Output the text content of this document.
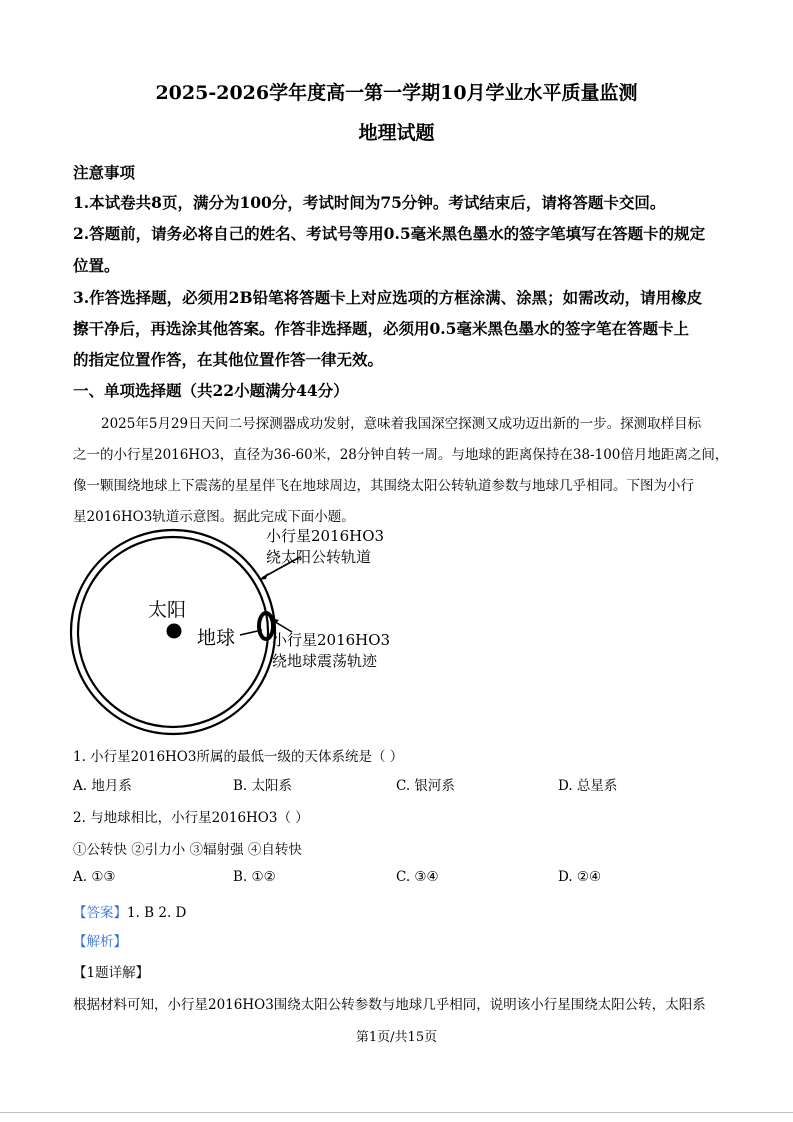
2025-2026学年度高一第一学期10月学业水平质量监测
地理试题
注意事项
1.本试卷共8页，满分为100分，考试时间为75分钟。考试结束后，请将答题卡交回。
2.答题前，请务必将自己的姓名、考试号等用0.5毫米黑色墨水的签字笔填写在答题卡的规定
位置。
3.作答选择题，必须用2B铅笔将答题卡上对应选项的方框涂满、涂黑；如需改动，请用橡皮
擦干净后，再选涂其他答案。作答非选择题，必须用0.5毫米黑色墨水的签字笔在答题卡上
的指定位置作答，在其他位置作答一律无效。
一、单项选择题（共22小题满分44分）
2025年5月29日天问二号探测器成功发射，意味着我国深空探测又成功迈出新的一步。探测取样目标
之一的小行星2016HO3，直径为36-60米，28分钟自转一周。与地球的距离保持在38-100倍月地距离之间，
像一颗围绕地球上下震荡的星星伴飞在地球周边，其围绕太阳公转轨道参数与地球几乎相同。下图为小行
星2016HO3轨道示意图。据此完成下面小题。
太阳
地球
小行星2016HO3
绕太阳公转轨道
小行星2016HO3
绕地球震荡轨迹
1. 小行星2016HO3所属的最低一级的天体系统是（ ）
A. 地月系	B. 太阳系	C. 银河系	D. 总星系
2. 与地球相比，小行星2016HO3（ ）
①公转快 ②引力小 ③辐射强 ④自转快
A. ①③	B. ①②	C. ③④	D. ②④
【答案】1. B 2. D
【解析】
【1题详解】
根据材料可知，小行星2016HO3围绕太阳公转参数与地球几乎相同，说明该小行星围绕太阳公转，太阳系
第1页/共15页
